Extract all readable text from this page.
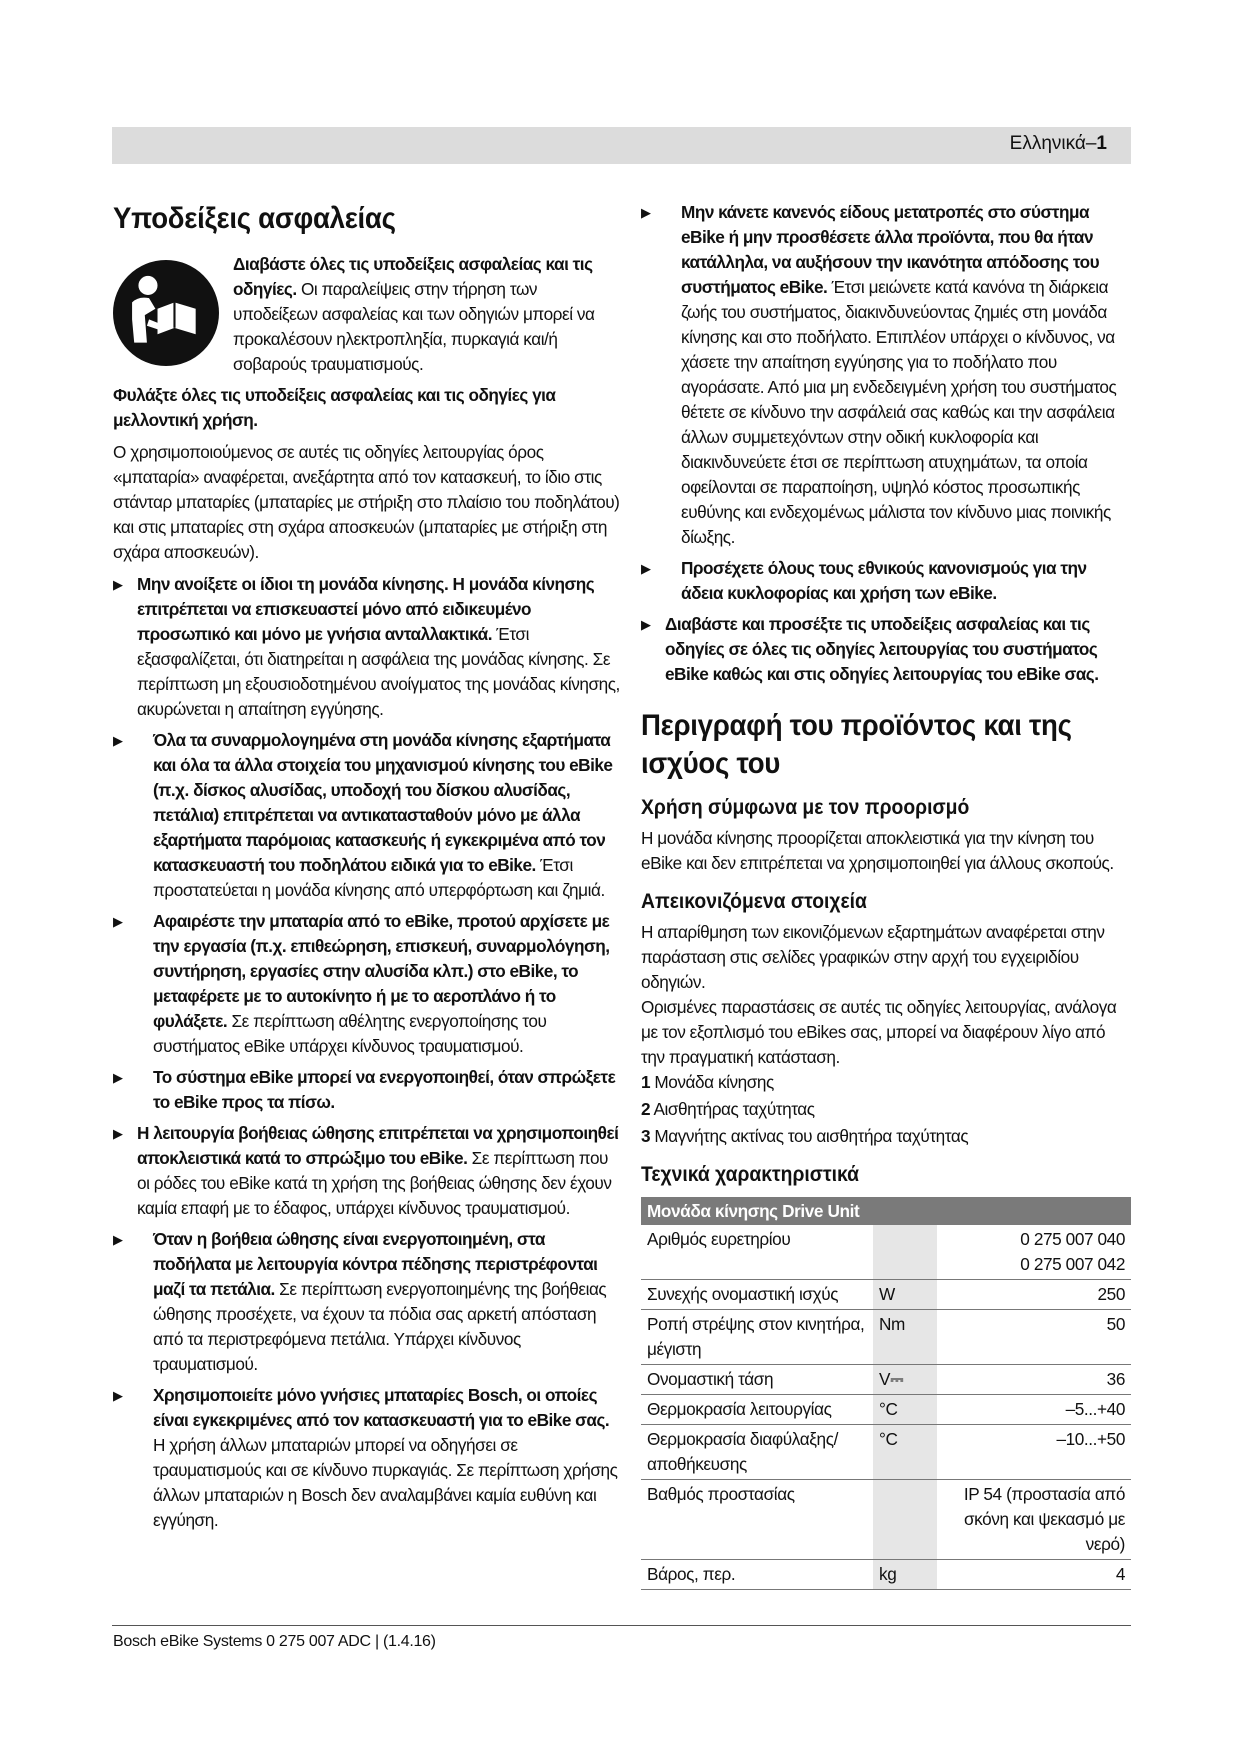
Ελληνικά–1
Υποδείξεις ασφαλείας

Διαβάστε όλες τις υποδείξεις ασφαλείας και τις οδηγίες. Οι παραλείψεις στην τήρηση των υποδείξεων ασφαλείας και των οδηγιών μπορεί να προκαλέσουν ηλεκτροπληξία, πυρκαγιά και/ή σοβαρούς τραυματισμούς.

Φυλάξτε όλες τις υποδείξεις ασφαλείας και τις οδηγίες για μελλοντική χρήση.

Ο χρησιμοποιούμενος σε αυτές τις οδηγίες λειτουργίας όρος «μπαταρία» αναφέρεται, ανεξάρτητα από τον κατασκευή, το ίδιο στις στάνταρ μπαταρίες (μπαταρίες με στήριξη στο πλαίσιο του ποδηλάτου) και στις μπαταρίες στη σχάρα αποσκευών (μπαταρίες με στήριξη στη σχάρα αποσκευών).

▶ Μην ανοίξετε οι ίδιοι τη μονάδα κίνησης. Η μονάδα κίνησης επιτρέπεται να επισκευαστεί μόνο από ειδικευμένο προσωπικό και μόνο με γνήσια ανταλλακτικά. Έτσι εξασφαλίζεται, ότι διατηρείται η ασφάλεια της μονάδας κίνησης. Σε περίπτωση μη εξουσιοδοτημένου ανοίγματος της μονάδας κίνησης, ακυρώνεται η απαίτηση εγγύησης.

▶ Όλα τα συναρμολογημένα στη μονάδα κίνησης εξαρτήματα και όλα τα άλλα στοιχεία του μηχανισμού κίνησης του eBike (π.χ. δίσκος αλυσίδας, υποδοχή του δίσκου αλυσίδας, πετάλια) επιτρέπεται να αντικατασταθούν μόνο με άλλα εξαρτήματα παρόμοιας κατασκευής ή εγκεκριμένα από τον κατασκευαστή του ποδηλάτου ειδικά για το eBike. Έτσι προστατεύεται η μονάδα κίνησης από υπερφόρτωση και ζημιά.

▶ Αφαιρέστε την μπαταρία από το eBike, προτού αρχίσετε με την εργασία (π.χ. επιθεώρηση, επισκευή, συναρμολόγηση, συντήρηση, εργασίες στην αλυσίδα κλπ.) στο eBike, το μεταφέρετε με το αυτοκίνητο ή με το αεροπλάνο ή το φυλάξετε. Σε περίπτωση αθέλητης ενεργοποίησης του συστήματος eBike υπάρχει κίνδυνος τραυματισμού.

▶ Το σύστημα eBike μπορεί να ενεργοποιηθεί, όταν σπρώξετε το eBike προς τα πίσω.

▶ Η λειτουργία βοήθειας ώθησης επιτρέπεται να χρησιμοποιηθεί αποκλειστικά κατά το σπρώξιμο του eBike. Σε περίπτωση που οι ρόδες του eBike κατά τη χρήση της βοήθειας ώθησης δεν έχουν καμία επαφή με το έδαφος, υπάρχει κίνδυνος τραυματισμού.

▶ Όταν η βοήθεια ώθησης είναι ενεργοποιημένη, στα ποδήλατα με λειτουργία κόντρα πέδησης περιστρέφονται μαζί τα πετάλια. Σε περίπτωση ενεργοποιημένης της βοήθειας ώθησης προσέχετε, να έχουν τα πόδια σας αρκετή απόσταση από τα περιστρεφόμενα πετάλια. Υπάρχει κίνδυνος τραυματισμού.

▶ Χρησιμοποιείτε μόνο γνήσιες μπαταρίες Bosch, οι οποίες είναι εγκεκριμένες από τον κατασκευαστή για το eBike σας. Η χρήση άλλων μπαταριών μπορεί να οδηγήσει σε τραυματισμούς και σε κίνδυνο πυρκαγιάς. Σε περίπτωση χρήσης άλλων μπαταριών η Bosch δεν αναλαμβάνει καμία ευθύνη και εγγύηση.

▶ Μην κάνετε κανενός είδους μετατροπές στο σύστημα eBike ή μην προσθέσετε άλλα προϊόντα, που θα ήταν κατάλληλα, να αυξήσουν την ικανότητα απόδοσης του συστήματος eBike. Έτσι μειώνετε κατά κανόνα τη διάρκεια ζωής του συστήματος, διακινδυνεύοντας ζημιές στη μονάδα κίνησης και στο ποδήλατο. Επιπλέον υπάρχει ο κίνδυνος, να χάσετε την απαίτηση εγγύησης για το ποδήλατο που αγοράσατε. Από μια μη ενδεδειγμένη χρήση του συστήματος θέτετε σε κίνδυνο την ασφάλειά σας καθώς και την ασφάλεια άλλων συμμετεχόντων στην οδική κυκλοφορία και διακινδυνεύετε έτσι σε περίπτωση ατυχημάτων, τα οποία οφείλονται σε παραποίηση, υψηλό κόστος προσωπικής ευθύνης και ενδεχομένως μάλιστα τον κίνδυνο μιας ποινικής δίωξης.

▶ Προσέχετε όλους τους εθνικούς κανονισμούς για την άδεια κυκλοφορίας και χρήση των eBike.

▶ Διαβάστε και προσέξτε τις υποδείξεις ασφαλείας και τις οδηγίες σε όλες τις οδηγίες λειτουργίας του συστήματος eBike καθώς και στις οδηγίες λειτουργίας του eBike σας.

Περιγραφή του προϊόντος και της ισχύος του
Χρήση σύμφωνα με τον προορισμό

Η μονάδα κίνησης προορίζεται αποκλειστικά για την κίνηση του eBike και δεν επιτρέπεται να χρησιμοποιηθεί για άλλους σκοπούς.

Απεικονιζόμενα στοιχεία

Η απαρίθμηση των εικονιζόμενων εξαρτημάτων αναφέρεται στην παράσταση στις σελίδες γραφικών στην αρχή του εγχειριδίου οδηγιών.

Ορισμένες παραστάσεις σε αυτές τις οδηγίες λειτουργίας, ανάλογα με τον εξοπλισμό του eBikes σας, μπορεί να διαφέρουν λίγο από την πραγματική κατάσταση.

1 Μονάδα κίνησης
2 Αισθητήρας ταχύτητας
3 Μαγνήτης ακτίνας του αισθητήρα ταχύτητας
Τεχνικά χαρακτηριστικά
Μονάδα κίνησης Drive Unit		
Αριθμός ευρετηρίου		0 275 007 040
0 275 007 042
Συνεχής ονομαστική ισχύς	W	250
Ροπή στρέψης στον κινητήρα, μέγιστη	Nm	50
Ονομαστική τάση	V⎓	36
Θερμοκρασία λειτουργίας	°C	–5...+40
Θερμοκρασία διαφύλαξης/αποθήκευσης	°C	–10...+50
Βαθμός προστασίας		IP 54 (προστασία από σκόνη και ψεκασμό με νερό)
Βάρος, περ.	kg	4
Bosch eBike Systems 0 275 007 ADC | (1.4.16)
